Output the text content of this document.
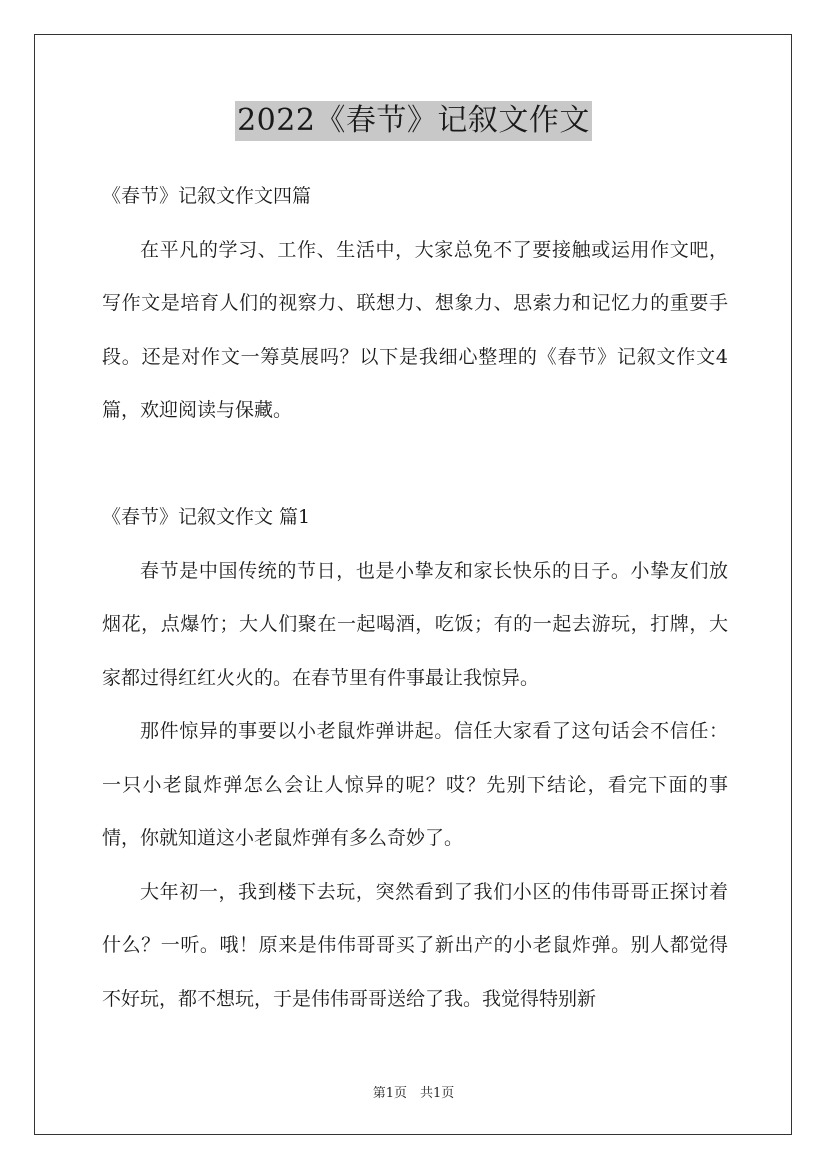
2022《春节》记叙文作文

《春节》记叙文作文四篇

在平凡的学习、工作、生活中，大家总免不了要接触或运用作文吧，写作文是培育人们的视察力、联想力、想象力、思索力和记忆力的重要手段。还是对作文一筹莫展吗？以下是我细心整理的《春节》记叙文作文4篇，欢迎阅读与保藏。

《春节》记叙文作文 篇1

春节是中国传统的节日，也是小挚友和家长快乐的日子。小挚友们放烟花，点爆竹；大人们聚在一起喝酒，吃饭；有的一起去游玩，打牌，大家都过得红红火火的。在春节里有件事最让我惊异。

那件惊异的事要以小老鼠炸弹讲起。信任大家看了这句话会不信任：一只小老鼠炸弹怎么会让人惊异的呢？哎？先别下结论，看完下面的事情，你就知道这小老鼠炸弹有多么奇妙了。

大年初一，我到楼下去玩，突然看到了我们小区的伟伟哥哥正探讨着什么？一听。哦！原来是伟伟哥哥买了新出产的小老鼠炸弹。别人都觉得不好玩，都不想玩，于是伟伟哥哥送给了我。我觉得特别新

第1页　共1页
